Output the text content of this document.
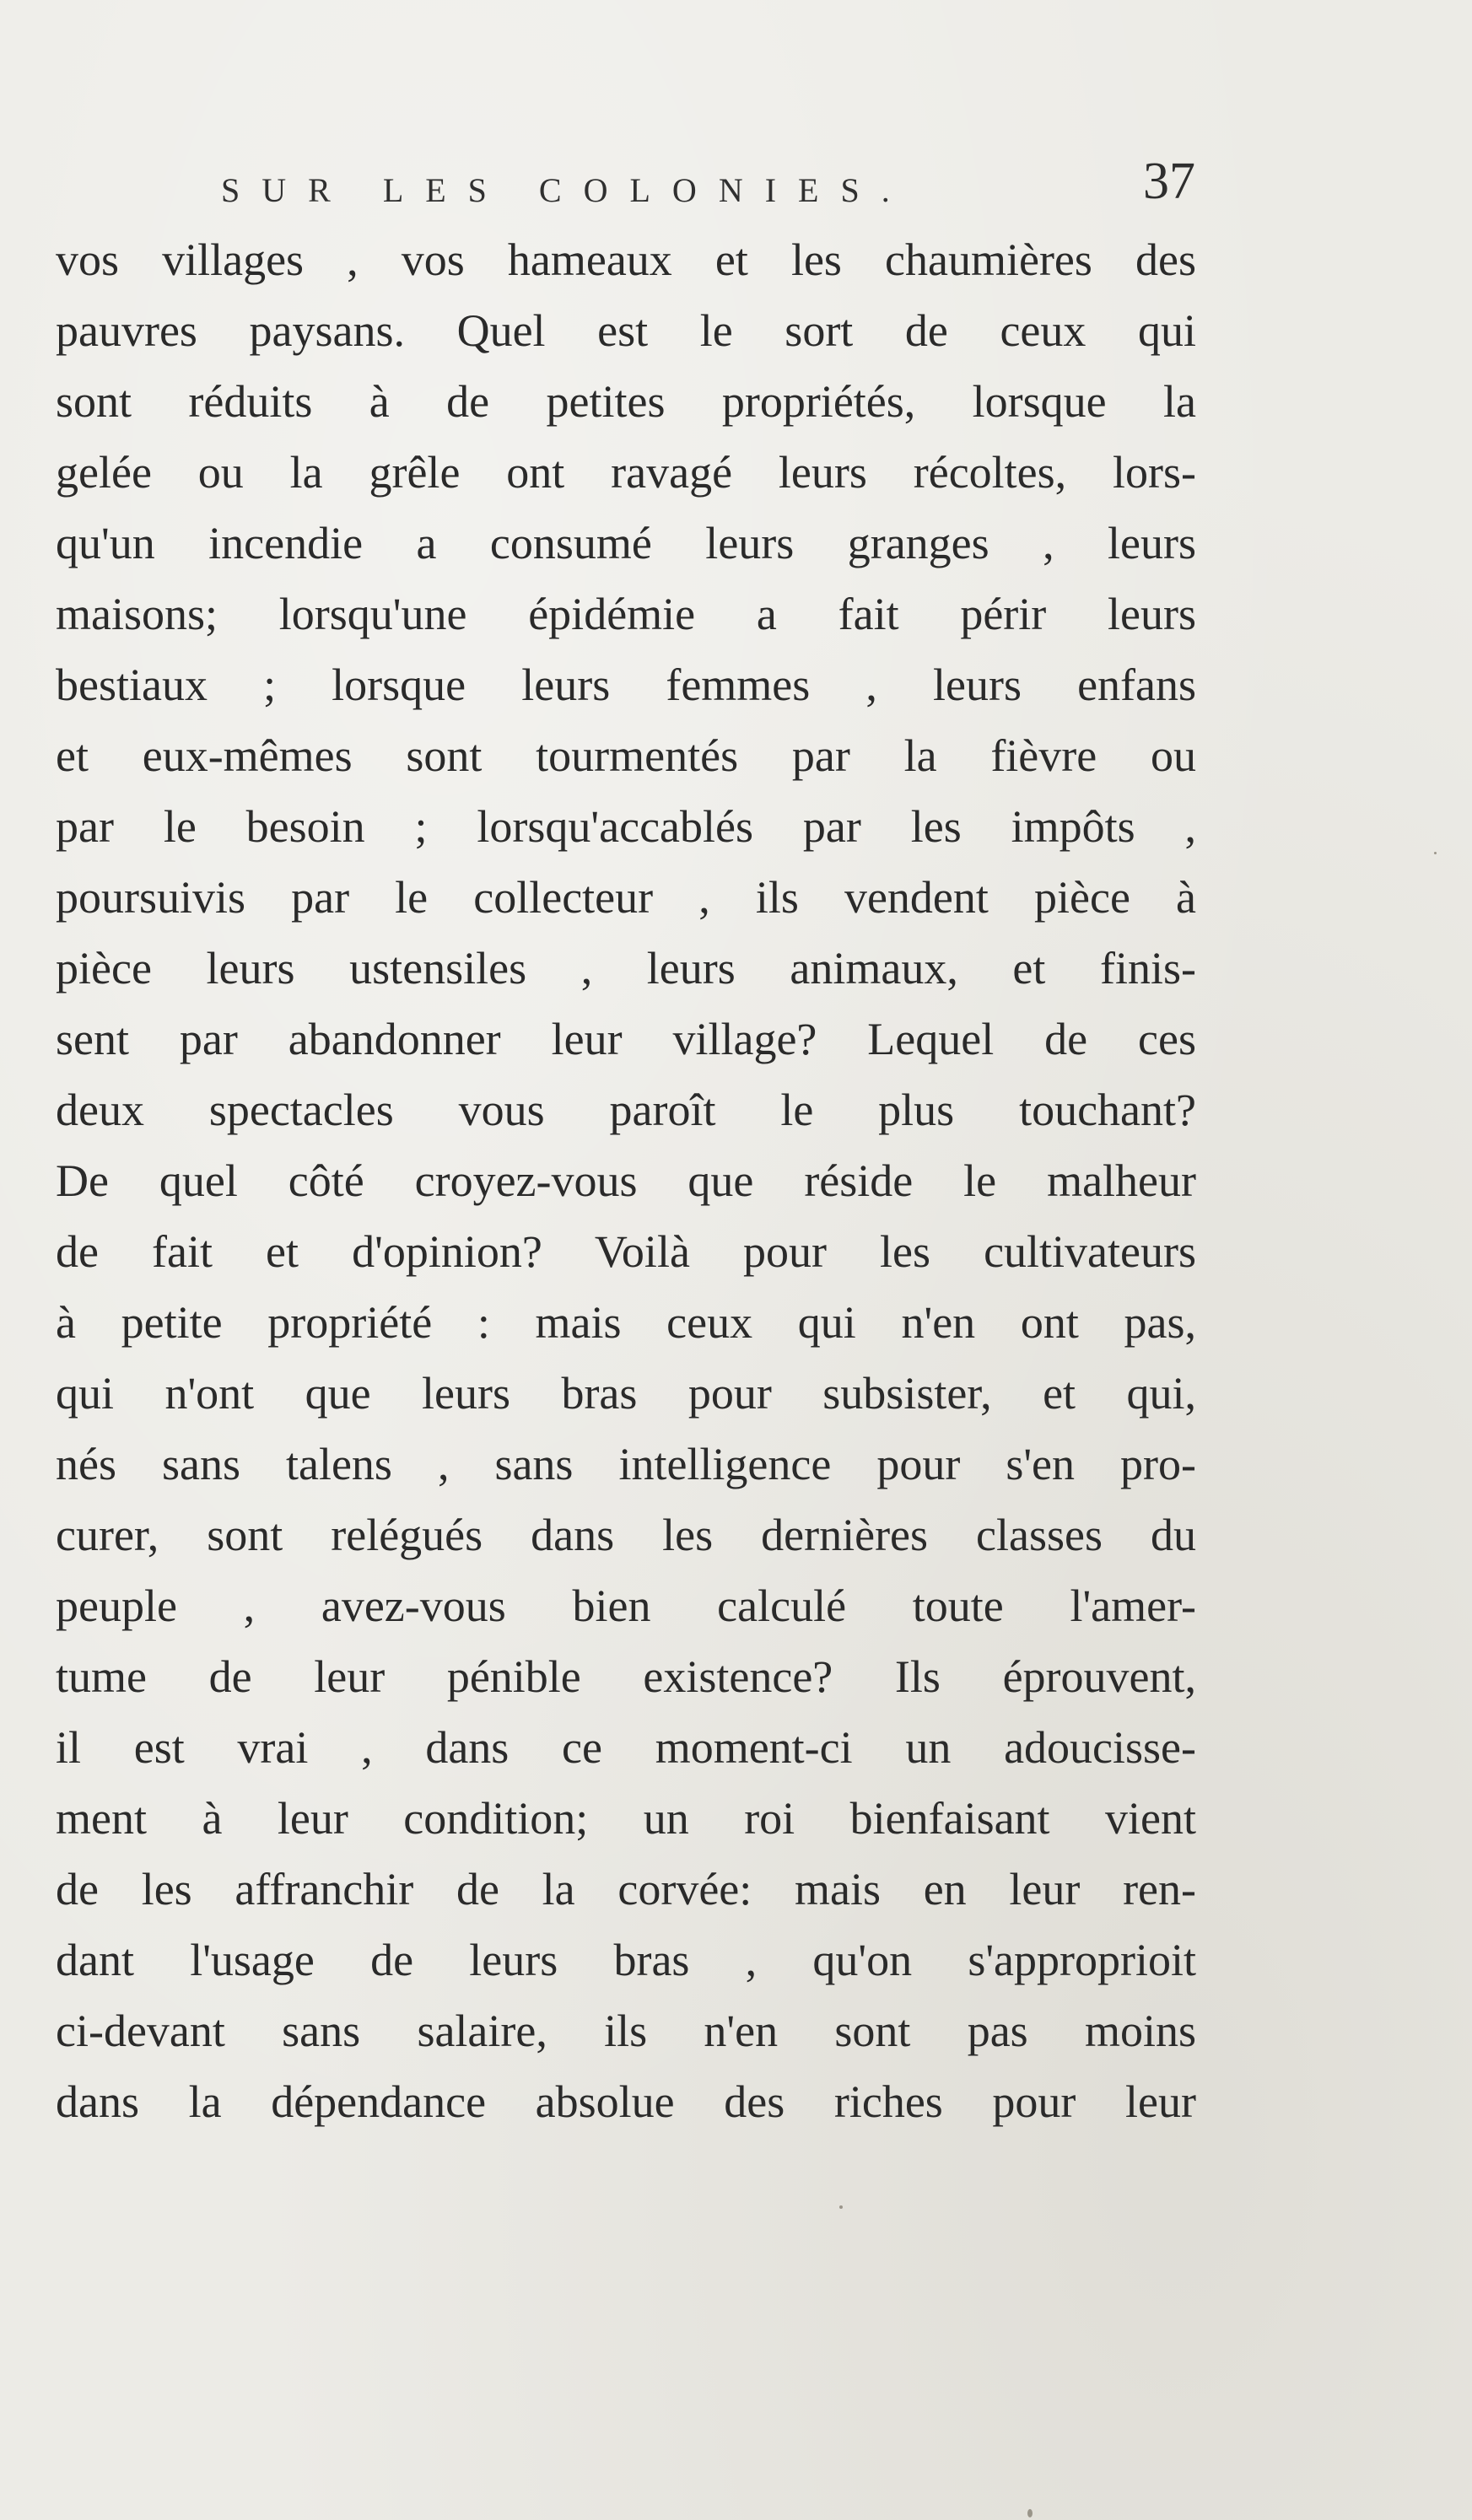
SUR LES COLONIES.	37
vos villages , vos hameaux et les chaumières des
pauvres paysans. Quel est le sort de ceux qui
sont réduits à de petites propriétés, lorsque la
gelée ou la grêle ont ravagé leurs récoltes, lors-
qu'un incendie a consumé leurs granges , leurs
maisons; lorsqu'une épidémie a fait périr leurs
bestiaux ; lorsque leurs femmes , leurs enfans
et eux-mêmes sont tourmentés par la fièvre ou
par le besoin ; lorsqu'accablés par les impôts ,
poursuivis par le collecteur , ils vendent pièce à
pièce leurs ustensiles , leurs animaux, et finis-
sent par abandonner leur village? Lequel de ces
deux spectacles vous paroît le plus touchant?
De quel côté croyez-vous que réside le malheur
de fait et d'opinion? Voilà pour les cultivateurs
à petite propriété : mais ceux qui n'en ont pas,
qui n'ont que leurs bras pour subsister, et qui,
nés sans talens , sans intelligence pour s'en pro-
curer, sont relégués dans les dernières classes du
peuple , avez-vous bien calculé toute l'amer-
tume de leur pénible existence? Ils éprouvent,
il est vrai , dans ce moment-ci un adoucisse-
ment à leur condition; un roi bienfaisant vient
de les affranchir de la corvée: mais en leur ren-
dant l'usage de leurs bras , qu'on s'approprioit
ci-devant sans salaire, ils n'en sont pas moins
dans la dépendance absolue des riches pour leur
